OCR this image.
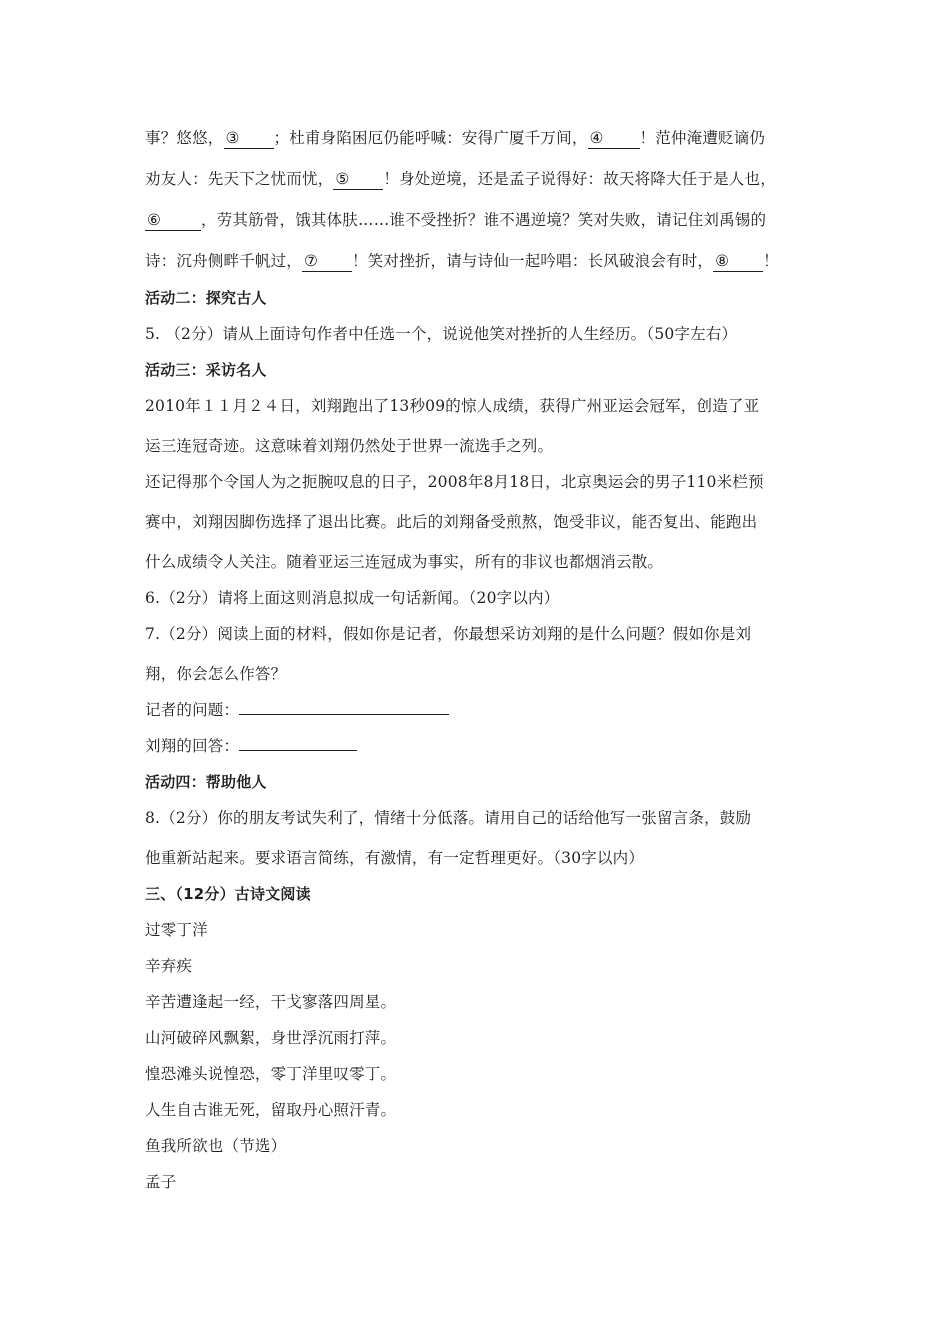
事？悠悠， ③ ；杜甫身陷困厄仍能呼喊：安得广厦千万间， ④ ！范仲淹遭贬谪仍
劝友人：先天下之忧而忧， ⑤ ！身处逆境，还是孟子说得好：故天将降大任于是人也，
⑥	，劳其筋骨，饿其体肤……谁不受挫折？谁不遇逆境？笑对失败，请记住刘禹锡的
诗：沉舟侧畔千帆过， ⑦ ！笑对挫折，请与诗仙一起吟唱：长风破浪会有时， ⑧ ！
活动二：探究古人
5. （2分）请从上面诗句作者中任选一个，说说他笑对挫折的人生经历。（50字左右）
活动三：采访名人
2010年１１月２４日，刘翔跑出了13秒09的惊人成绩，获得广州亚运会冠军，创造了亚
运三连冠奇迹。这意味着刘翔仍然处于世界一流选手之列。
还记得那个令国人为之扼腕叹息的日子，2008年8月18日，北京奥运会的男子110米栏预
赛中，刘翔因脚伤选择了退出比赛。此后的刘翔备受煎熬，饱受非议，能否复出、能跑出
什么成绩令人关注。随着亚运三连冠成为事实，所有的非议也都烟消云散。
6.（2分）请将上面这则消息拟成一句话新闻。（20字以内）
7.（2分）阅读上面的材料，假如你是记者，你最想采访刘翔的是什么问题？假如你是刘
翔，你会怎么作答？
记者的问题：
刘翔的回答：
活动四：帮助他人
8.（2分）你的朋友考试失利了，情绪十分低落。请用自己的话给他写一张留言条，鼓励
他重新站起来。要求语言简练，有激情，有一定哲理更好。（30字以内）
三、（12分）古诗文阅读
过零丁洋
辛弃疾
辛苦遭逢起一经，干戈寥落四周星。
山河破碎风飘絮，身世浮沉雨打萍。
惶恐滩头说惶恐，零丁洋里叹零丁。
人生自古谁无死，留取丹心照汗青。
鱼我所欲也（节选）
孟子
